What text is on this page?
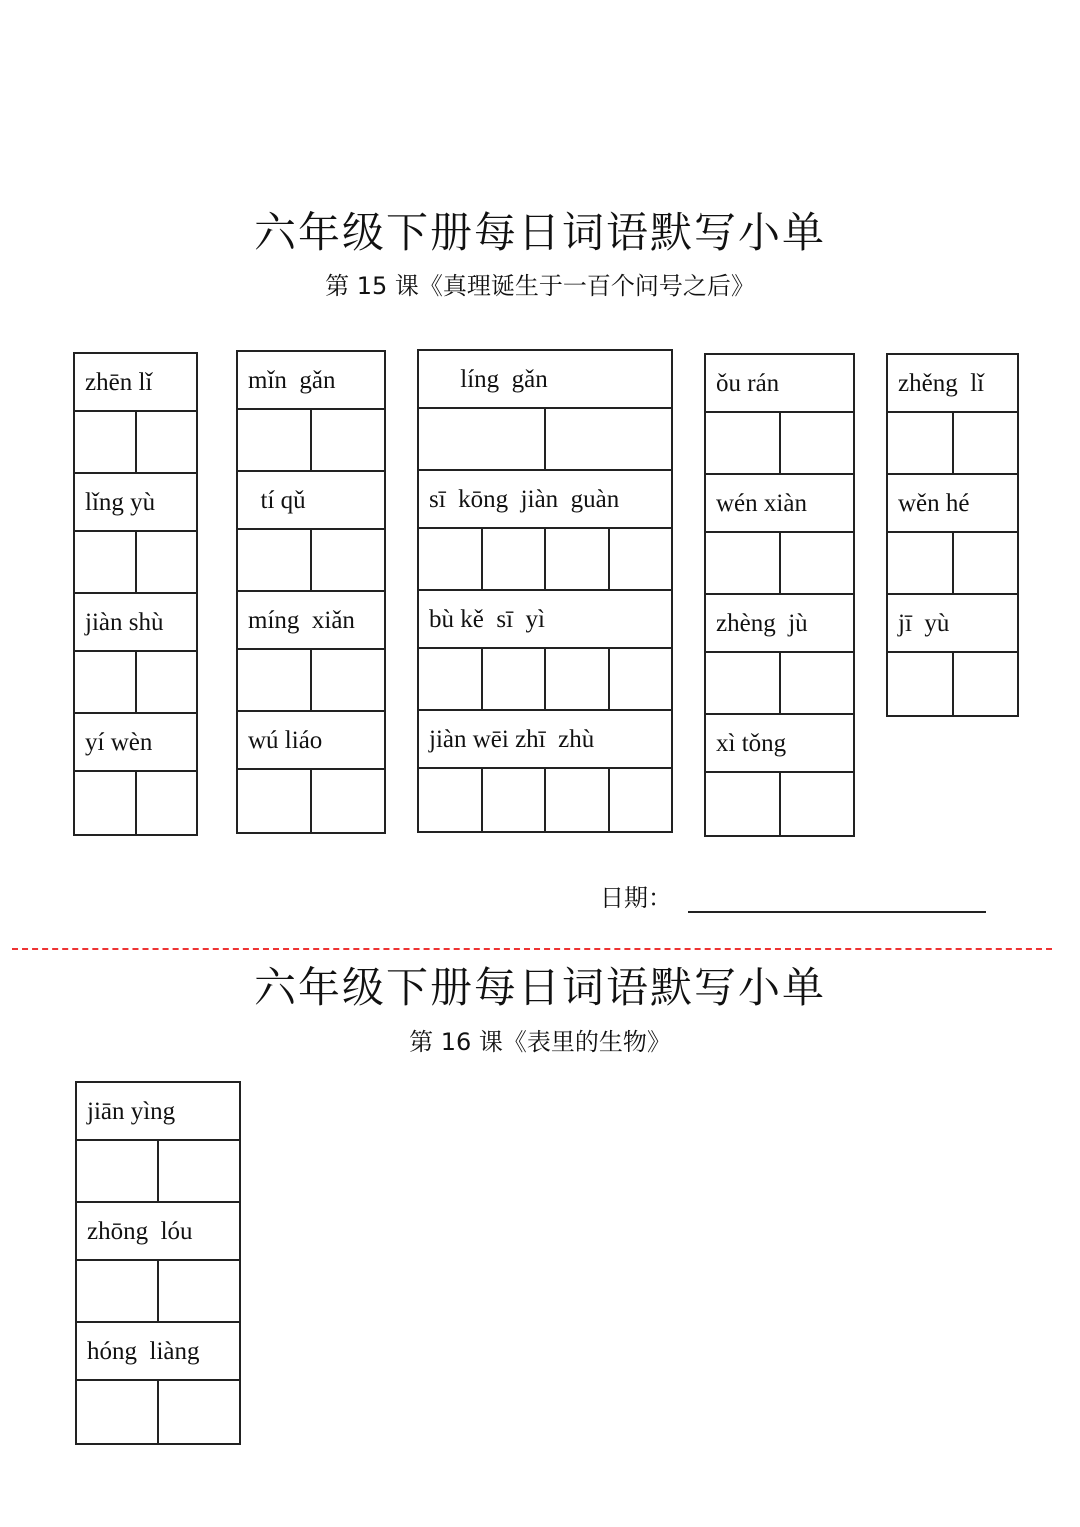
六年级下册每日词语默写小单

第 15 课《真理诞生于一百个问号之后》

zhēn lǐ
lǐng yù
jiàn shù
yí wèn
mǐn  gǎn
tí qǔ
míng  xiǎn
wú liáo
líng  gǎn
sī  kōng  jiàn  guàn
bù kě  sī  yì
jiàn wēi zhī  zhù
ǒu rán
wén xiàn
zhèng  jù
xì tǒng
zhěng  lǐ
wěn hé
jī  yù
日期：
六年级下册每日词语默写小单

第 16 课《表里的生物》

jiān yìng
zhōng  lóu
hóng  liàng
